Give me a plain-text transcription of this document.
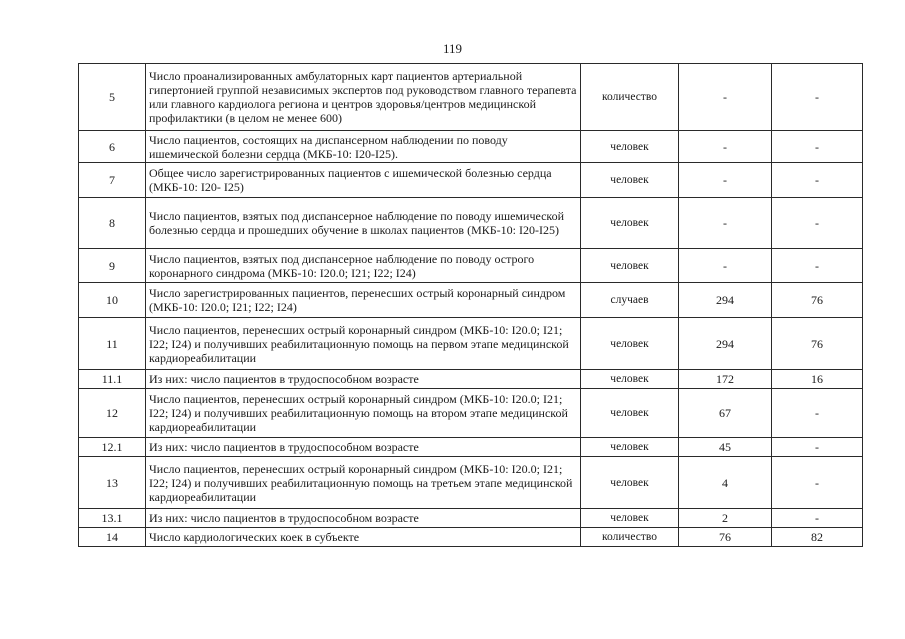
119
5	Число проанализированных амбулаторных карт пациентов артериальной гипертонией группой независимых экспертов под руководством главного терапевта или главного кардиолога региона и центров здоровья/центров медицинской профилактики (в целом не менее 600)	количество	-	-
6	Число пациентов, состоящих на диспансерном наблюдении по поводу ишемической болезни сердца (МКБ-10: I20-I25).	человек	-	-
7	Общее число зарегистрированных пациентов с ишемической болезнью сердца (МКБ-10: I20- I25)	человек	-	-
8	Число пациентов, взятых под диспансерное наблюдение по поводу ишемической болезнью сердца и прошедших обучение в школах пациентов (МКБ-10: I20-I25)	человек	-	-
9	Число пациентов, взятых под диспансерное наблюдение по поводу острого коронарного синдрома (МКБ-10: I20.0; I21; I22; I24)	человек	-	-
10	Число зарегистрированных пациентов, перенесших острый коронарный синдром (МКБ-10: I20.0; I21; I22; I24)	случаев	294	76
11	Число пациентов, перенесших острый коронарный синдром (МКБ-10: I20.0; I21; I22; I24) и получивших реабилитационную помощь на первом этапе медицинской кардиореабилитации	человек	294	76
11.1	Из них: число пациентов в трудоспособном возрасте	человек	172	16
12	Число пациентов, перенесших острый коронарный синдром (МКБ-10: I20.0; I21; I22; I24) и получивших реабилитационную помощь на втором этапе медицинской кардиореабилитации	человек	67	-
12.1	Из них: число пациентов в трудоспособном возрасте	человек	45	-
13	Число пациентов, перенесших острый коронарный синдром (МКБ-10: I20.0; I21; I22; I24) и получивших реабилитационную помощь на третьем этапе медицинской кардиореабилитации	человек	4	-
13.1	Из них: число пациентов в трудоспособном возрасте	человек	2	-
14	Число кардиологических коек в субъекте	количество	76	82
